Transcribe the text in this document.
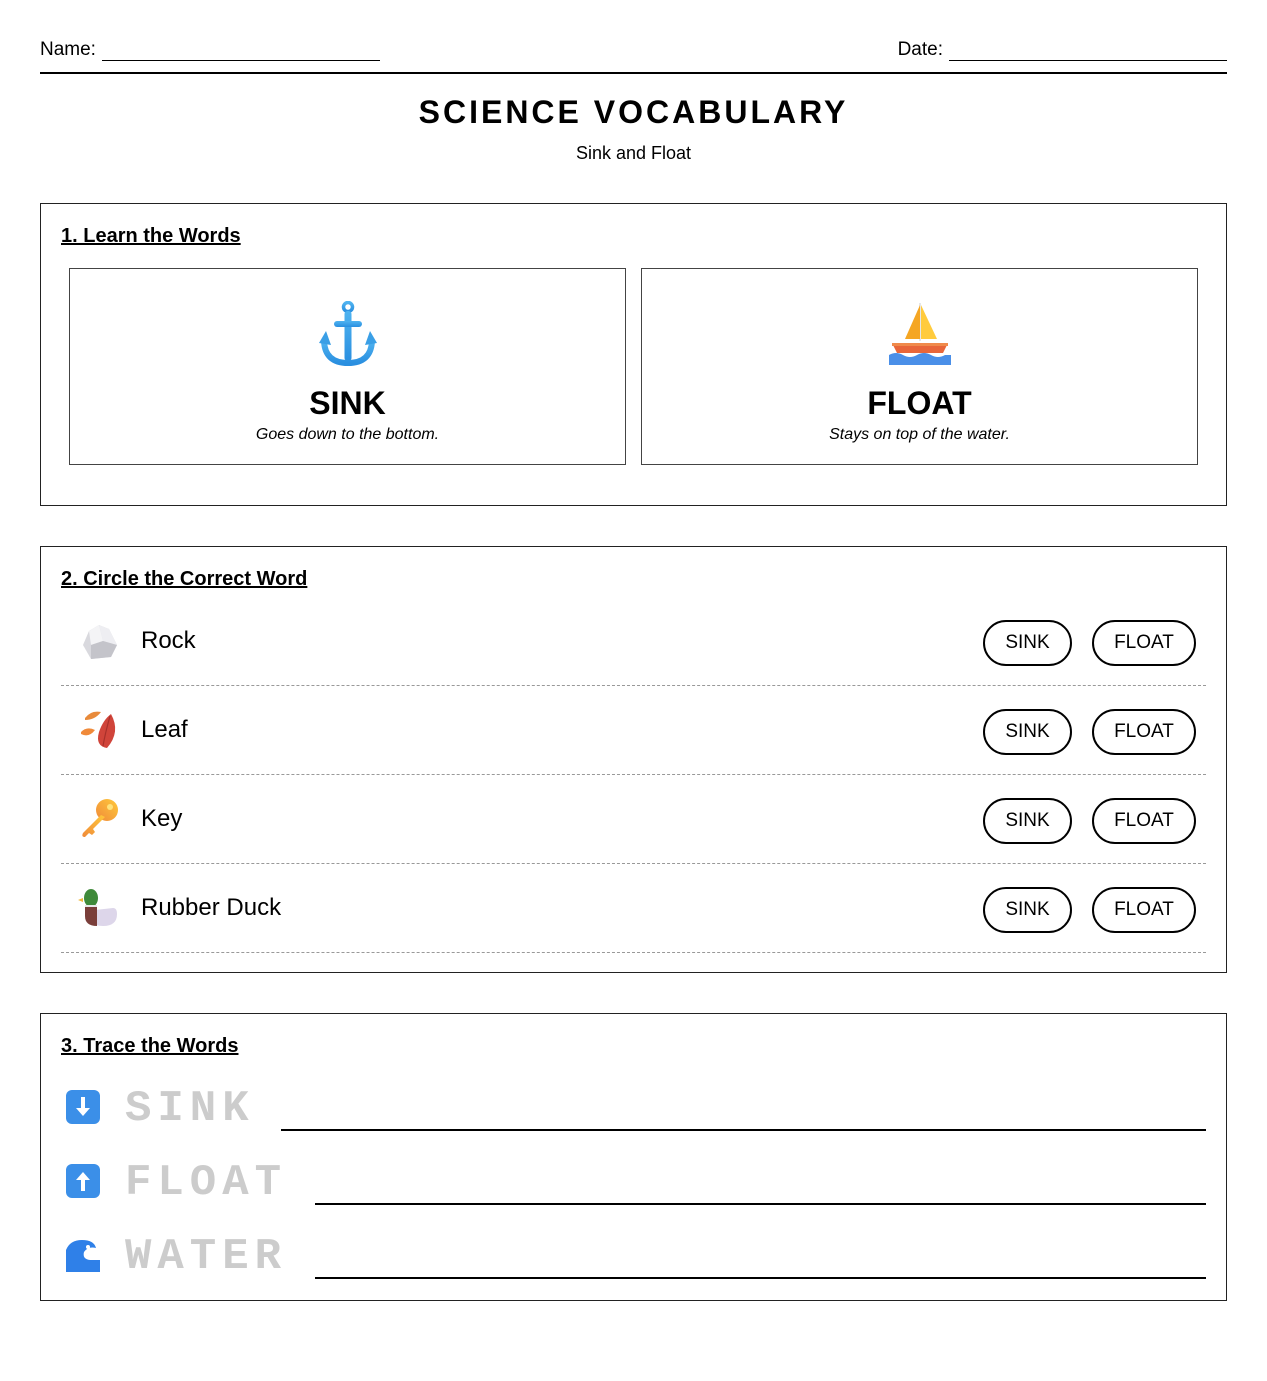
Name:	Date:
SCIENCE VOCABULARY
Sink and Float
1. Learn the Words
SINK
Goes down to the bottom.
FLOAT
Stays on top of the water.
2. Circle the Correct Word
Rock	SINK	FLOAT
Leaf	SINK	FLOAT
Key	SINK	FLOAT
Rubber Duck	SINK	FLOAT
3. Trace the Words
SINK
FLOAT
WATER
